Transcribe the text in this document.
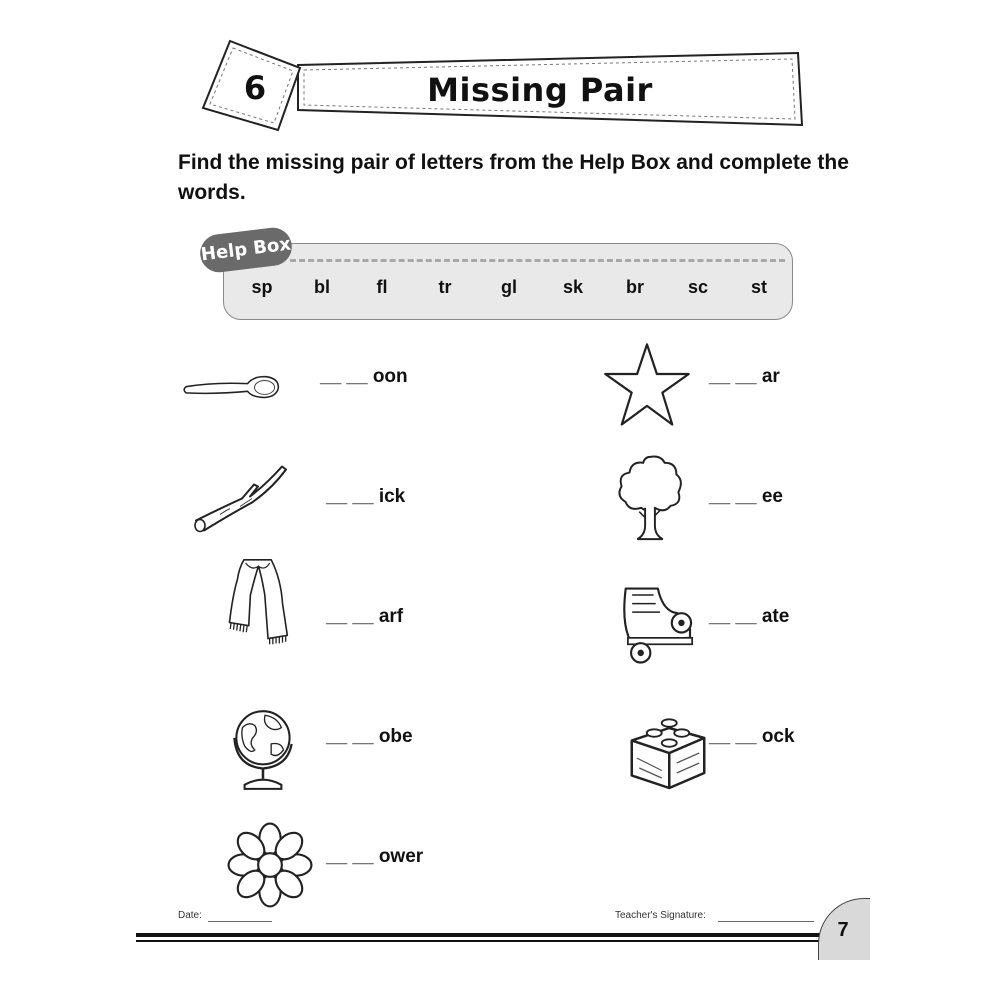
6	Missing Pair
Find the missing pair of letters from the Help Box and complete the words.
Help Box
sp	bl	fl	tr	gl	sk	br	sc	st
__ __ oon	__ __ ar
__ __ ick	__ __ ee
__ __ arf	__ __ ate
__ __ obe	__ __ ock
__ __ ower
Date:	Teacher's Signature:
7
